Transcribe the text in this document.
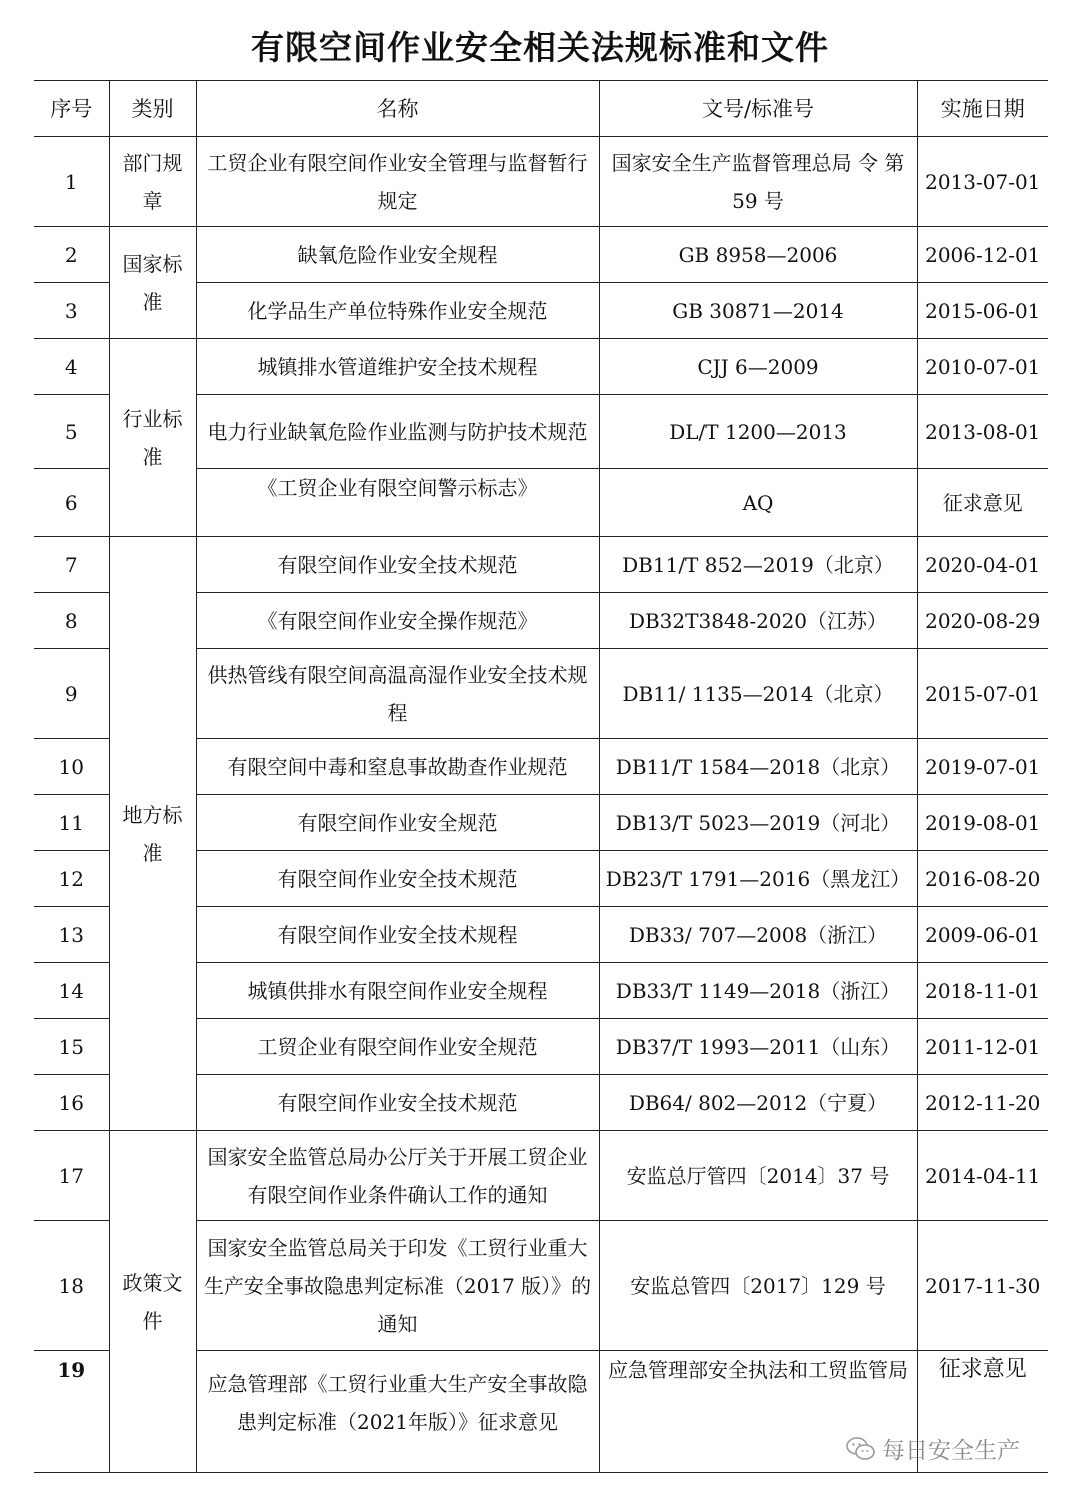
有限空间作业安全相关法规标准和文件
序号	类别	名称	文号/标准号	实施日期
1	部门规章	工贸企业有限空间作业安全管理与监督暂行规定	国家安全生产监督管理总局 令 第 59 号	2013-07-01
2	国家标准	缺氧危险作业安全规程	GB 8958—2006	2006-12-01
3		化学品生产单位特殊作业安全规范	GB 30871—2014	2015-06-01
4	行业标准	城镇排水管道维护安全技术规程	CJJ 6—2009	2010-07-01
5		电力行业缺氧危险作业监测与防护技术规范	DL/T 1200—2013	2013-08-01
6		《工贸企业有限空间警示标志》	AQ	征求意见
7	地方标准	有限空间作业安全技术规范	DB11/T 852—2019（北京）	2020-04-01
8		《有限空间作业安全操作规范》	DB32T3848-2020（江苏）	2020-08-29
9		供热管线有限空间高温高湿作业安全技术规程	DB11/ 1135—2014（北京）	2015-07-01
10		有限空间中毒和窒息事故勘查作业规范	DB11/T 1584—2018（北京）	2019-07-01
11		有限空间作业安全规范	DB13/T 5023—2019（河北）	2019-08-01
12		有限空间作业安全技术规范	DB23/T 1791—2016（黑龙江）	2016-08-20
13		有限空间作业安全技术规程	DB33/ 707—2008（浙江）	2009-06-01
14		城镇供排水有限空间作业安全规程	DB33/T 1149—2018（浙江）	2018-11-01
15		工贸企业有限空间作业安全规范	DB37/T 1993—2011（山东）	2011-12-01
16		有限空间作业安全技术规范	DB64/ 802—2012（宁夏）	2012-11-20
17	政策文件	国家安全监管总局办公厅关于开展工贸企业有限空间作业条件确认工作的通知	安监总厅管四〔2014〕37 号	2014-04-11
18		国家安全监管总局关于印发《工贸行业重大生产安全事故隐患判定标准（2017 版）》的通知	安监总管四〔2017〕129 号	2017-11-30
19		应急管理部《工贸行业重大生产安全事故隐患判定标准（2021年版）》征求意见	应急管理部安全执法和工贸监管局	征求意见
每日安全生产
